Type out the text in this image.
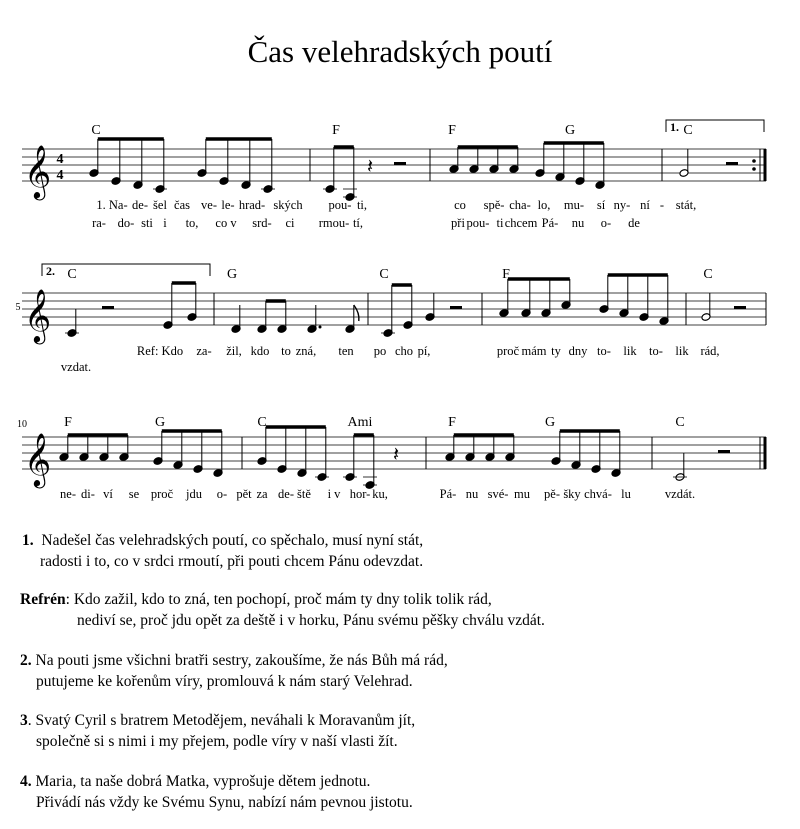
Čas velehradských poutí
𝄞 4
4
C	F	F	G	C
1.
𝄽
1. Na- de- šel čas ve- le- hrad- ských pou- ti,	co spě- cha- lo, mu- sí ny- ní - stát,
ra- do- sti i to, co v srd- ci rmou- tí,	při pou- ti chcem Pá- nu o- de
5 𝄞
C	G	C	F	C
2.
Ref: Kdo za- žil, kdo to zná, ten po cho pí,	proč mám ty dny to- lik to- lik rád,
vzdat.
10
𝄞
F	G	C	Ami	F	G	C
𝄽
ne- di- ví se proč jdu o- pět za de- ště i v hor- ku,	Pá- nu své- mu pě- šky chvá- lu	vzdát.
1. Nadešel čas velehradských poutí, co spěchalo, musí nyní stát,
radosti i to, co v srdci rmoutí, při pouti chcem Pánu odevzdat.
Refrén: Kdo zažil, kdo to zná, ten pochopí, proč mám ty dny tolik tolik rád,
nediví se, proč jdu opět za deště i v horku, Pánu svému pěšky chválu vzdát.
2. Na pouti jsme všichni bratři sestry, zakoušíme, že nás Bůh má rád,
putujeme ke kořenům víry, promlouvá k nám starý Velehrad.
3. Svatý Cyril s bratrem Metodějem, neváhali k Moravanům jít,
společně si s nimi i my přejem, podle víry v naší vlasti žít.
4. Maria, ta naše dobrá Matka, vyprošuje dětem jednotu.
Přivádí nás vždy ke Svému Synu, nabízí nám pevnou jistotu.
